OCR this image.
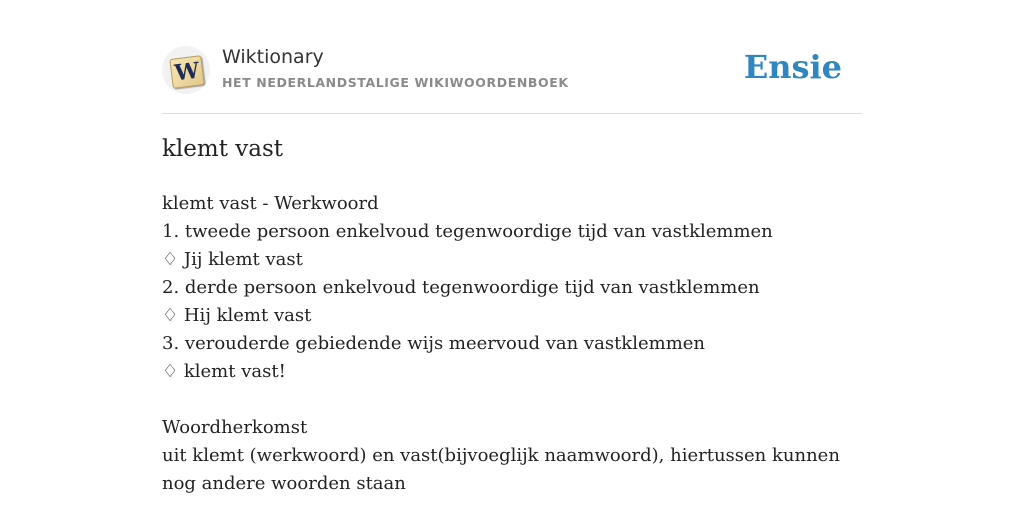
W
Wiktionary
HET NEDERLANDSTALIGE WIKIWOORDENBOEK	Ensie
klemt vast
klemt vast - Werkwoord
1. tweede persoon enkelvoud tegenwoordige tijd van vastklemmen
♢ Jij klemt vast
2. derde persoon enkelvoud tegenwoordige tijd van vastklemmen
♢ Hij klemt vast
3. verouderde gebiedende wijs meervoud van vastklemmen
♢ klemt vast!
Woordherkomst
uit klemt (werkwoord) en vast(bijvoeglijk naamwoord), hiertussen kunnen nog andere woorden staan
